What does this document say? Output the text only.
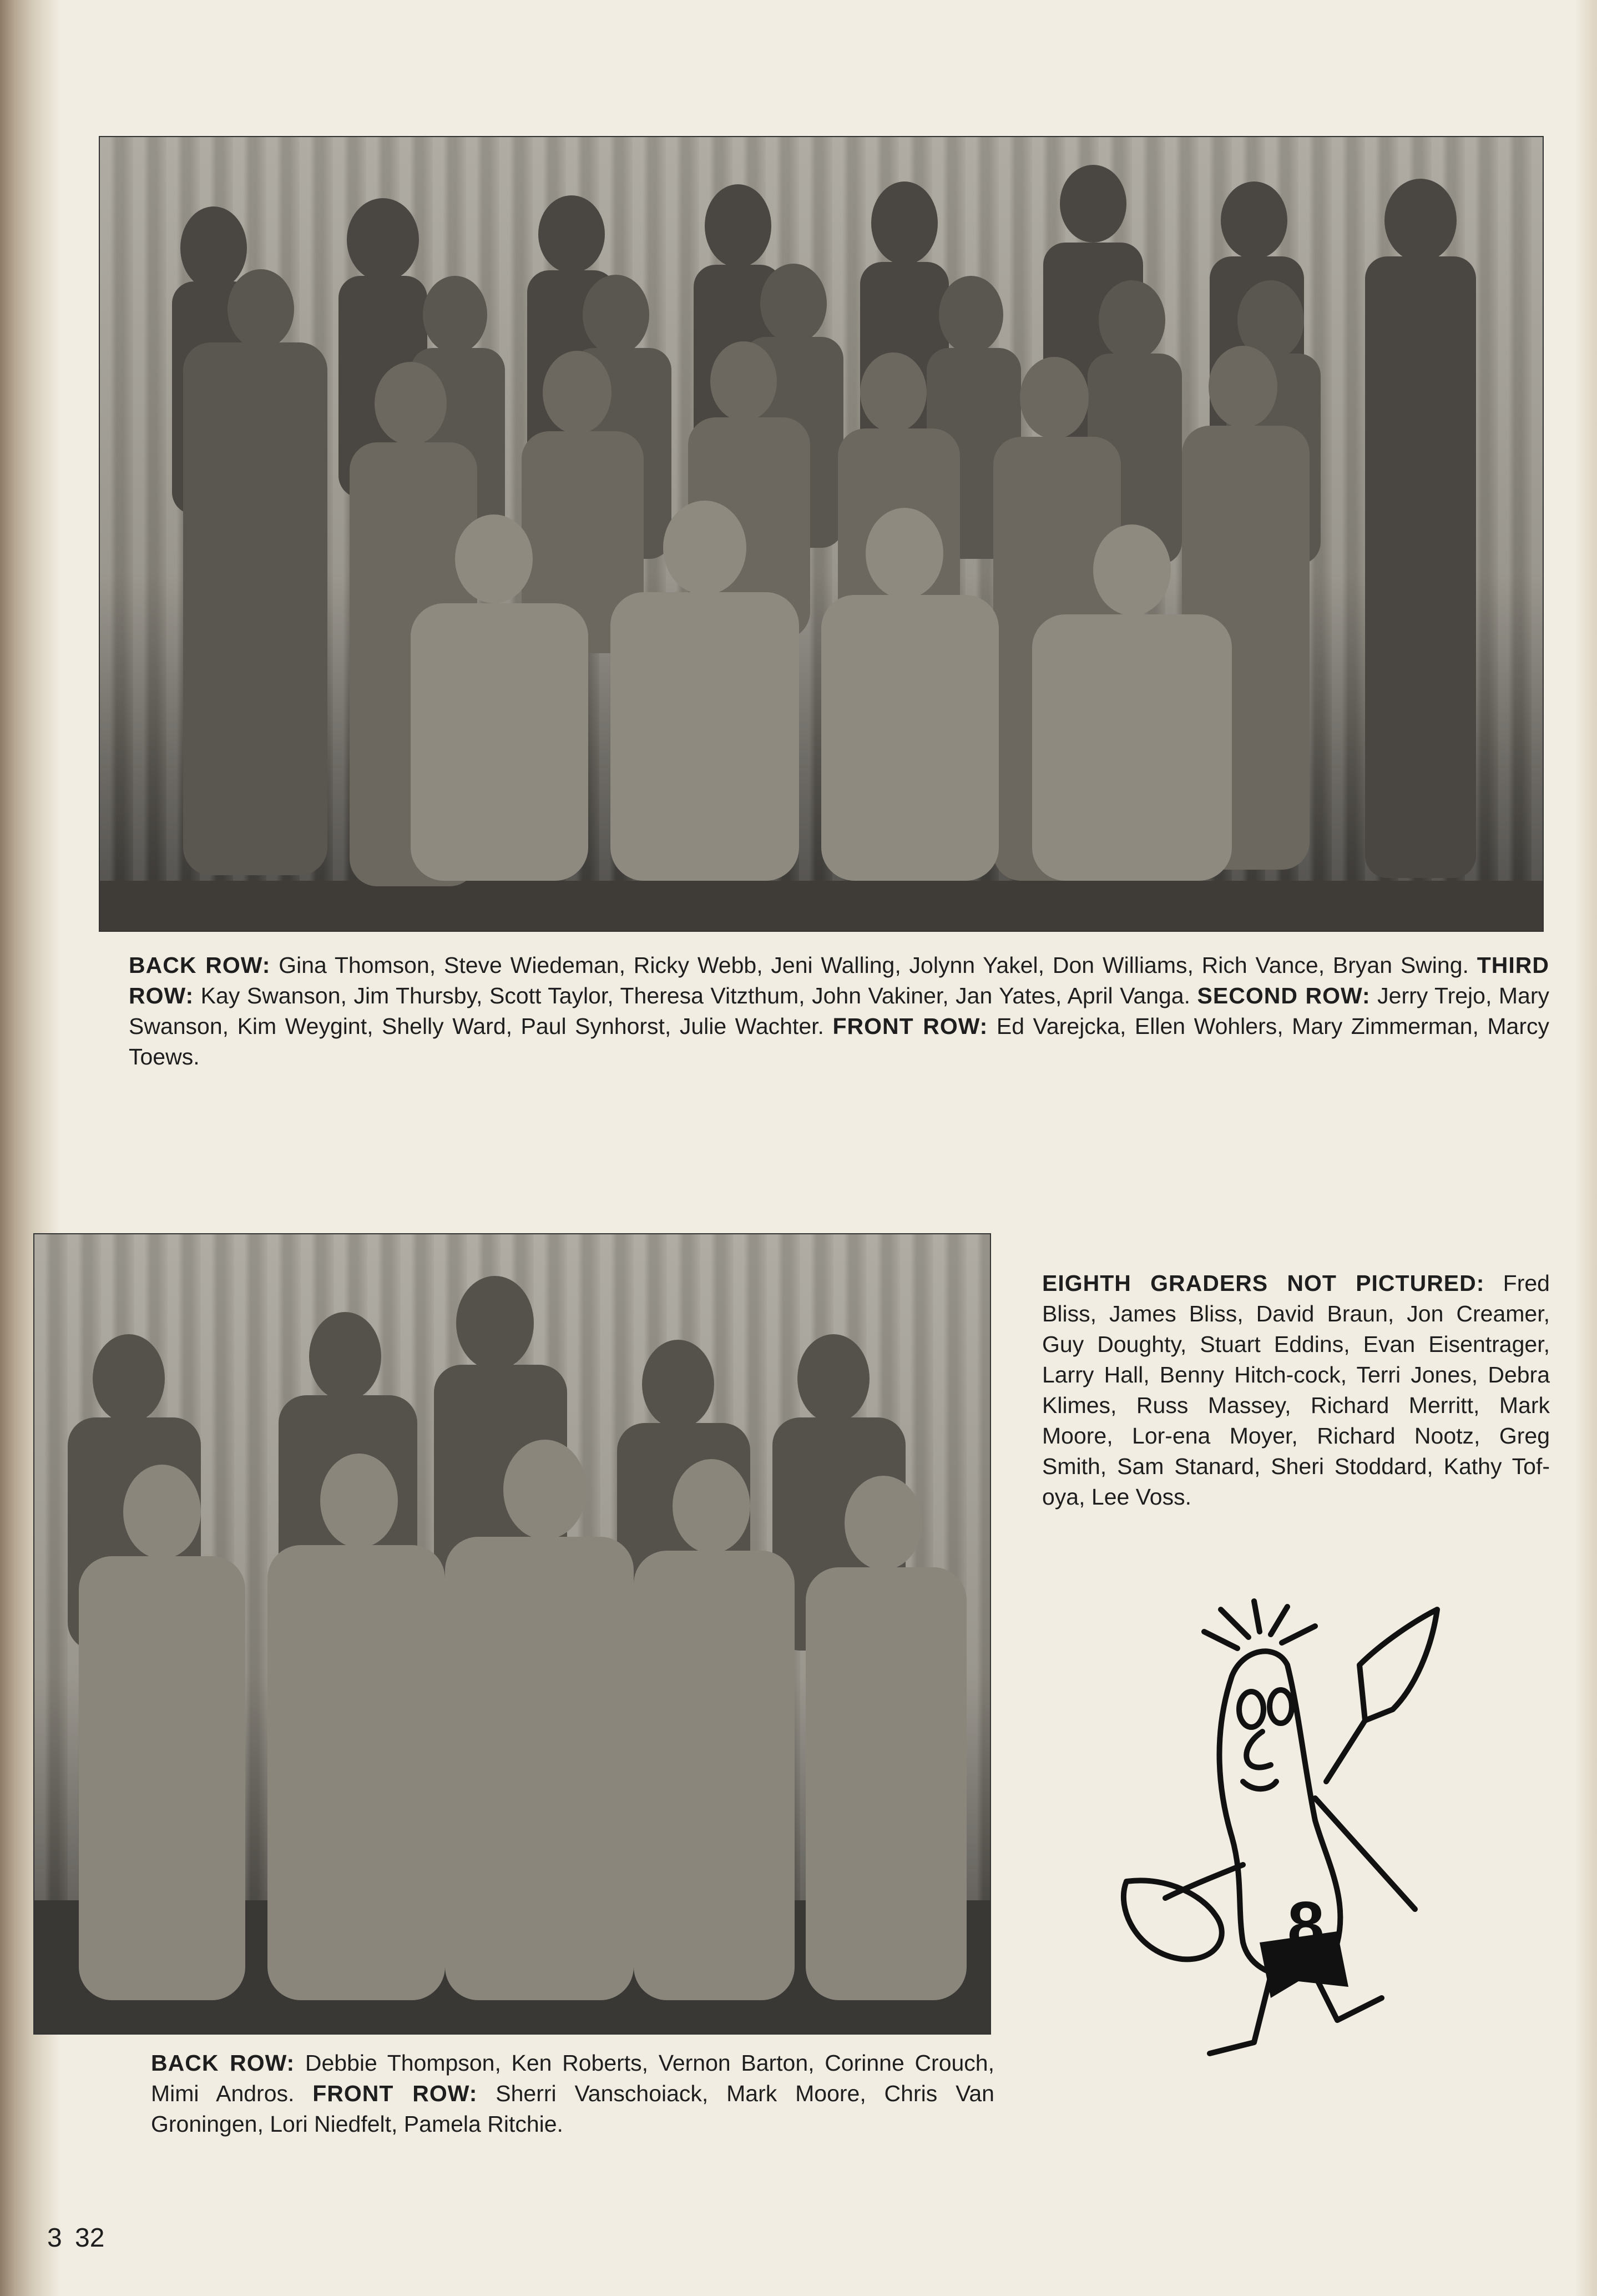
BACK ROW: Gina Thomson, Steve Wiedeman, Ricky Webb, Jeni Walling, Jolynn Yakel, Don Williams, Rich Vance, Bryan Swing. THIRD ROW: Kay Swanson, Jim Thursby, Scott Taylor, Theresa Vitzthum, John Vakiner, Jan Yates, April Vanga. SECOND ROW: Jerry Trejo, Mary Swanson, Kim Weygint, Shelly Ward, Paul Synhorst, Julie Wachter. FRONT ROW: Ed Varejcka, Ellen Wohlers, Mary Zimmerman, Marcy Toews.

BACK ROW: Debbie Thompson, Ken Roberts, Vernon Barton, Corinne Crouch, Mimi Andros. FRONT ROW: Sherri Vanschoiack, Mark Moore, Chris Van Groningen, Lori Niedfelt, Pamela Ritchie.

EIGHTH GRADERS NOT PICTURED: Fred Bliss, James Bliss, David Braun, Jon Creamer, Guy Doughty, Stuart Eddins, Evan Eisentrager, Larry Hall, Benny Hitch-cock, Terri Jones, Debra Klimes, Russ Massey, Richard Merritt, Mark Moore, Lor-ena Moyer, Richard Nootz, Greg Smith, Sam Stanard, Sheri Stoddard, Kathy Tof-oya, Lee Voss.

8
3 32
